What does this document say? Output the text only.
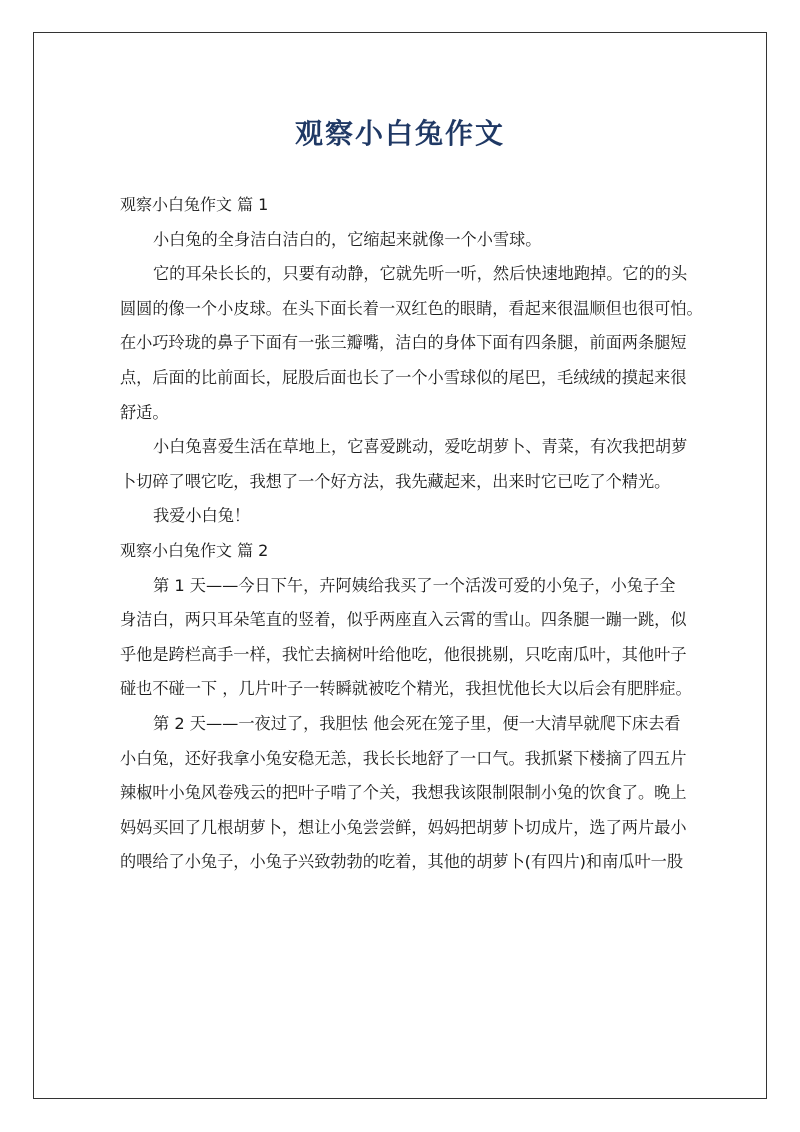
观察小白兔作文
观察小白兔作文 篇 1
小白兔的全身洁白洁白的，它缩起来就像一个小雪球。
它的耳朵长长的，只要有动静，它就先听一听，然后快速地跑掉。它的的头
圆圆的像一个小皮球。在头下面长着一双红色的眼睛，看起来很温顺但也很可怕。
在小巧玲珑的鼻子下面有一张三瓣嘴，洁白的身体下面有四条腿，前面两条腿短
点，后面的比前面长，屁股后面也长了一个小雪球似的尾巴，毛绒绒的摸起来很
舒适。
小白兔喜爱生活在草地上，它喜爱跳动，爱吃胡萝卜、青菜，有次我把胡萝
卜切碎了喂它吃，我想了一个好方法，我先藏起来，出来时它已吃了个精光。
我爱小白兔！
观察小白兔作文 篇 2
第 1 天——今日下午，卉阿姨给我买了一个活泼可爱的小兔子，小兔子全
身洁白，两只耳朵笔直的竖着，似乎两座直入云霄的雪山。四条腿一蹦一跳，似
乎他是跨栏高手一样，我忙去摘树叶给他吃，他很挑剔，只吃南瓜叶，其他叶子
碰也不碰一下 ，几片叶子一转瞬就被吃个精光，我担忧他长大以后会有肥胖症。
第 2 天——一夜过了，我胆怯 他会死在笼子里，便一大清早就爬下床去看
小白兔，还好我拿小兔安稳无恙，我长长地舒了一口气。我抓紧下楼摘了四五片
辣椒叶小兔风卷残云的把叶子啃了个关，我想我该限制限制小兔的饮食了。晚上
妈妈买回了几根胡萝卜，想让小兔尝尝鲜，妈妈把胡萝卜切成片，选了两片最小
的喂给了小兔子，小兔子兴致勃勃的吃着，其他的胡萝卜(有四片)和南瓜叶一股
